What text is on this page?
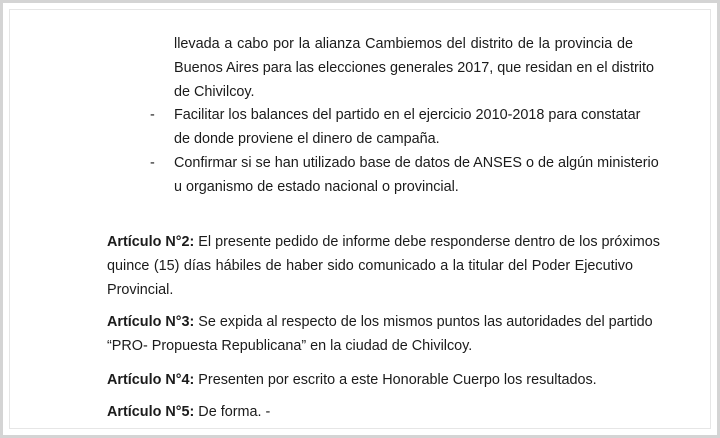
llevada a cabo por la alianza Cambiemos del distrito de la provincia de
Buenos Aires para las elecciones generales 2017, que residan en el distrito
de Chivilcoy.
- Facilitar los balances del partido en el ejercicio 2010-2018 para constatar
de donde proviene el dinero de campaña.
- Confirmar si se han utilizado base de datos de ANSES o de algún ministerio
u organismo de estado nacional o provincial.
Artículo N°2: El presente pedido de informe debe responderse dentro de los próximos
quince (15) días hábiles de haber sido comunicado a la titular del Poder Ejecutivo
Provincial.
Artículo N°3: Se expida al respecto de los mismos puntos las autoridades del partido
“PRO- Propuesta Republicana” en la ciudad de Chivilcoy.
Artículo N°4: Presenten por escrito a este Honorable Cuerpo los resultados.
Artículo N°5: De forma. -
